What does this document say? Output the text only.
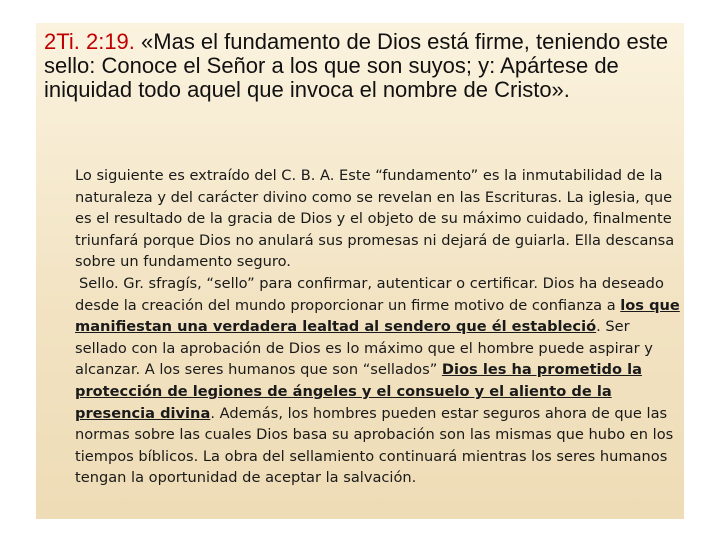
2Ti. 2:19. «Mas el fundamento de Dios está firme, teniendo este sello: Conoce el Señor a los que son suyos; y: Apártese de iniquidad todo aquel que invoca el nombre de Cristo».

Lo siguiente es extraído del C. B. A. Este “fundamento” es la inmutabilidad de la naturaleza y del carácter divino como se revelan en las Escrituras. La iglesia, que es el resultado de la gracia de Dios y el objeto de su máximo cuidado, finalmente triunfará porque Dios no anulará sus promesas ni dejará de guiarla. Ella descansa sobre un fundamento seguro.

Sello. Gr. sfragís, “sello” para confirmar, autenticar o certificar. Dios ha deseado desde la creación del mundo proporcionar un firme motivo de confianza a los que manifiestan una verdadera lealtad al sendero que él estableció. Ser sellado con la aprobación de Dios es lo máximo que el hombre puede aspirar y alcanzar. A los seres humanos que son “sellados” Dios les ha prometido la protección de legiones de ángeles y el consuelo y el aliento de la presencia divina. Además, los hombres pueden estar seguros ahora de que las normas sobre las cuales Dios basa su aprobación son las mismas que hubo en los tiempos bíblicos. La obra del sellamiento continuará mientras los seres humanos tengan la oportunidad de aceptar la salvación.
